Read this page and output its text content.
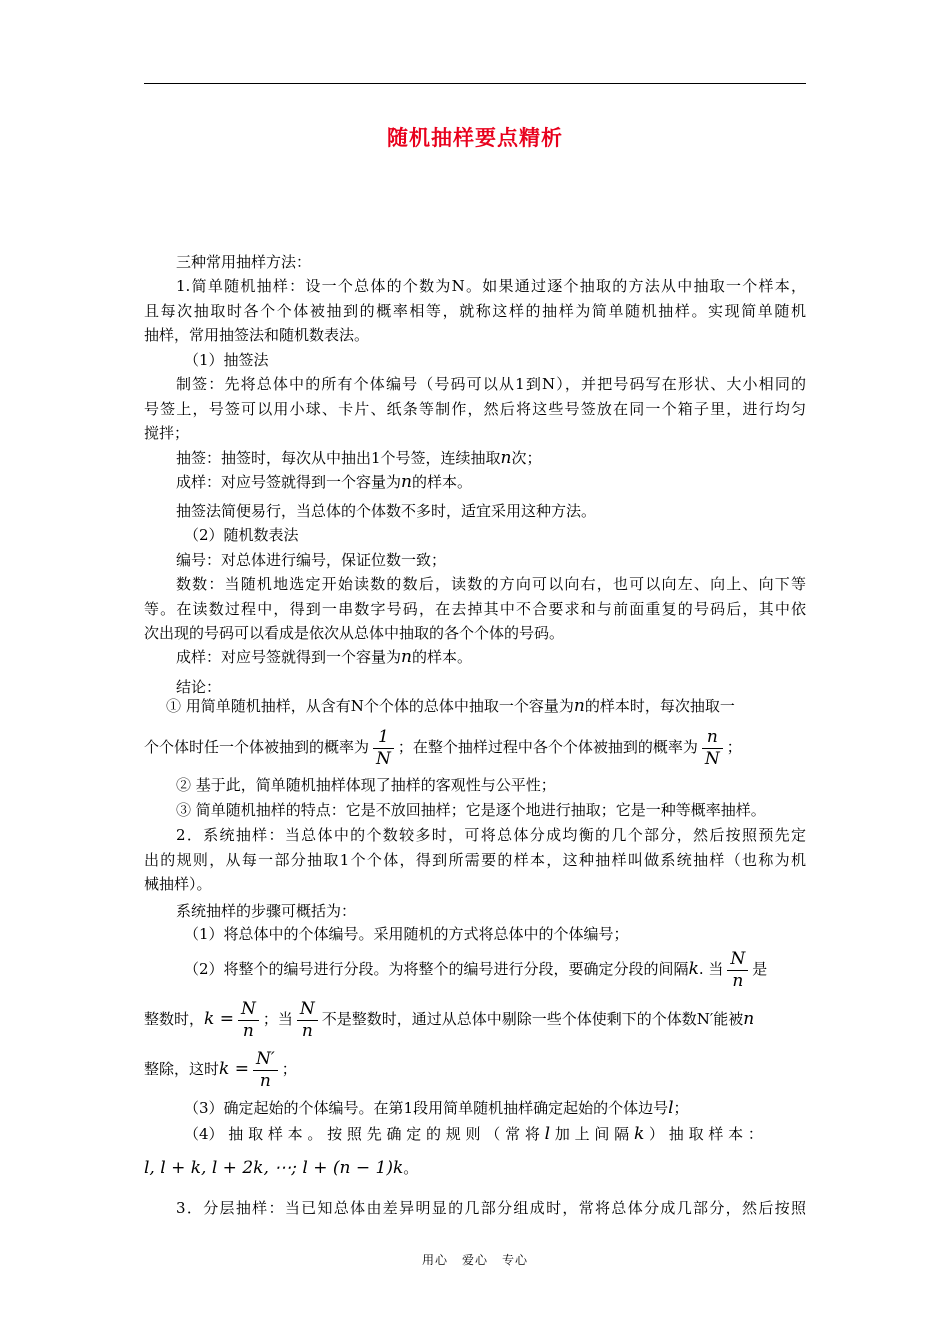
随机抽样要点精析
三种常用抽样方法：
1.简单随机抽样：设一个总体的个数为N。如果通过逐个抽取的方法从中抽取一个样本，
且每次抽取时各个个体被抽到的概率相等，就称这样的抽样为简单随机抽样。实现简单随机
抽样，常用抽签法和随机数表法。
（1）抽签法
制签：先将总体中的所有个体编号（号码可以从1到N），并把号码写在形状、大小相同的
号签上，号签可以用小球、卡片、纸条等制作，然后将这些号签放在同一个箱子里，进行均匀
搅拌；
抽签：抽签时，每次从中抽出1个号签，连续抽取n次；
成样：对应号签就得到一个容量为n的样本。
抽签法简便易行，当总体的个体数不多时，适宜采用这种方法。
（2）随机数表法
编号：对总体进行编号，保证位数一致；
数数：当随机地选定开始读数的数后，读数的方向可以向右，也可以向左、向上、向下等
等。在读数过程中，得到一串数字号码，在去掉其中不合要求和与前面重复的号码后，其中依
次出现的号码可以看成是依次从总体中抽取的各个个体的号码。
成样：对应号签就得到一个容量为n的样本。
结论：
① 用简单随机抽样，从含有N个个体的总体中抽取一个容量为n的样本时，每次抽取一
个个体时任一个体被抽到的概率为 $\frac{1}{N}$ ；在整个抽样过程中各个个体被抽到的概率为 $\frac{n}{N}$ ；
② 基于此，简单随机抽样体现了抽样的客观性与公平性；
③ 简单随机抽样的特点：它是不放回抽样；它是逐个地进行抽取；它是一种等概率抽样。
2．系统抽样：当总体中的个数较多时，可将总体分成均衡的几个部分，然后按照预先定
出的规则，从每一部分抽取1个个体，得到所需要的样本，这种抽样叫做系统抽样（也称为机
械抽样）。
系统抽样的步骤可概括为：
（1）将总体中的个体编号。采用随机的方式将总体中的个体编号；
（2）将整个的编号进行分段。为将整个的编号进行分段，要确定分段的间隔k. 当 $\frac{N}{n}$ 是
整数时，$k = \frac{N}{n}$ ；当 $\frac{N}{n}$ 不是整数时，通过从总体中剔除一些个体使剩下的个体数N′能被n
整除，这时$k = \frac{N'}{n}$ ；
（3）确定起始的个体编号。在第1段用简单随机抽样确定起始的个体边号l；
（4） 抽 取 样 本 。 按 照 先 确 定 的 规 则 （ 常 将 l 加 上 间 隔 k ） 抽 取 样 本 ：
l, l + k, l + 2k, ⋯; l + (n − 1)k。
3．分层抽样：当已知总体由差异明显的几部分组成时，常将总体分成几部分，然后按照
用心 爱心 专心
